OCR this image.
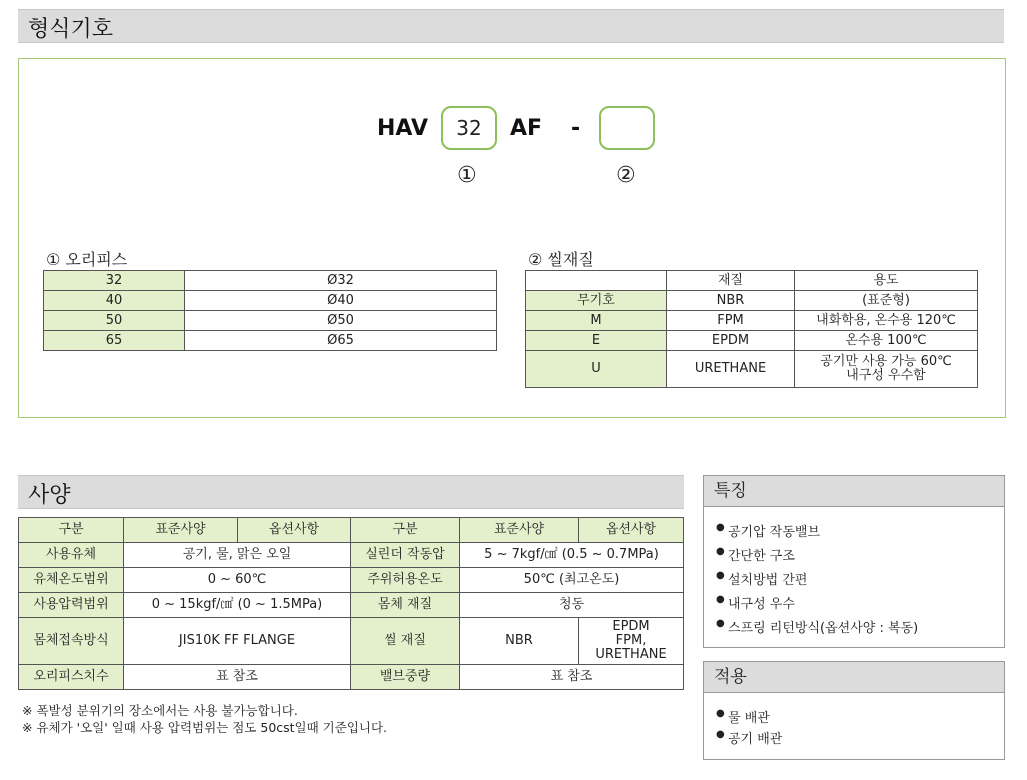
형식기호
HAV	32	AF -
①	②
① 오리피스
32	Ø32
40	Ø40
50	Ø50
65	Ø65
② 씰재질
	재질	용도
무기호	NBR	(표준형)
M	FPM	내화학용, 온수용 120℃
E	EPDM	온수용 100℃
U	URETHANE	공기만 사용 가능 60℃
내구성 우수함
사양
구분	표준사양	옵션사항	구분	표준사양	옵션사항
사용유체	공기, 물, 맑은 오일		실린더 작동압	5 ~ 7kgf/㎠ (0.5 ~ 0.7MPa)	
유체온도범위	0 ~ 60℃		주위허용온도	50℃ (최고온도)	
사용압력범위	0 ~ 15kgf/㎠ (0 ~ 1.5MPa)		몸체 재질	청동	
몸체접속방식	JIS10K FF FLANGE		씰 재질	NBR	EPDM
FPM,
URETHANE
오리피스치수	표 참조		밸브중량	표 참조	
※ 폭발성 분위기의 장소에서는 사용 불가능합니다.
※ 유체가 '오일' 일때 사용 압력범위는 점도 50cst일때 기준입니다.
특징
● 공기압 작동밸브
● 간단한 구조
● 설치방법 간편
● 내구성 우수
● 스프링 리턴방식(옵션사양 : 복동)
적용
● 물 배관
● 공기 배관
